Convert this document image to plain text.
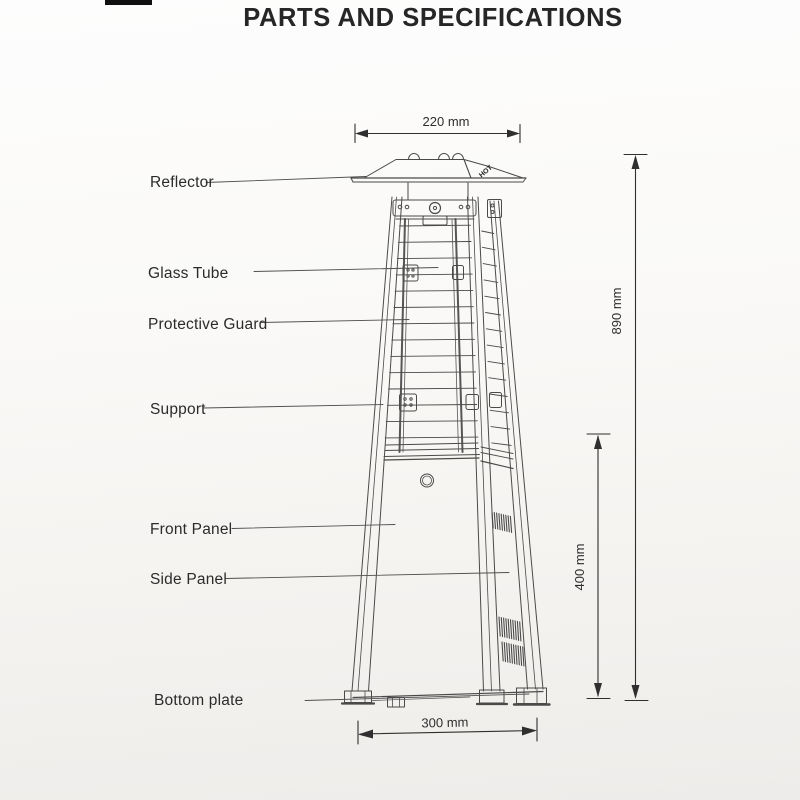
PARTS AND SPECIFICATIONS
HOT
220 mm
890 mm
400 mm
300 mm
Reflector
Glass Tube
Protective Guard
Support
Front Panel
Side Panel
Bottom plate
